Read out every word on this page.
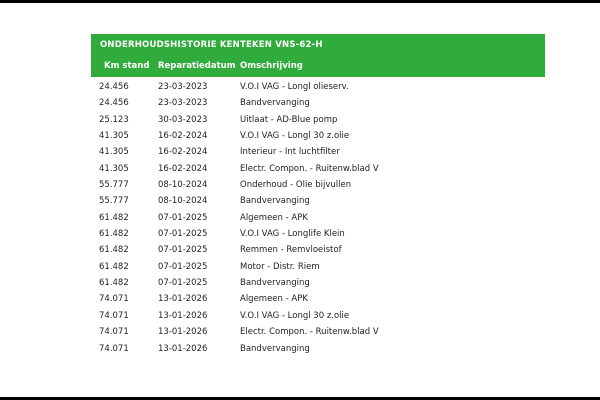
ONDERHOUDSHISTORIE KENTEKEN VNS-62-H
Km stand Reparatiedatum Omschrijving
24.456	23-03-2023	V.O.I VAG - Longl olieserv.
24.456	23-03-2023	Bandvervanging
25.123	30-03-2023	Uitlaat - AD-Blue pomp
41.305	16-02-2024	V.O.I VAG - Longl 30 z.olie
41.305	16-02-2024	Interieur - Int luchtfilter
41.305	16-02-2024	Electr. Compon. - Ruitenw.blad V
55.777	08-10-2024	Onderhoud - Olie bijvullen
55.777	08-10-2024	Bandvervanging
61.482	07-01-2025	Algemeen - APK
61.482	07-01-2025	V.O.I VAG - Longlife Klein
61.482	07-01-2025	Remmen - Remvloeistof
61.482	07-01-2025	Motor - Distr. Riem
61.482	07-01-2025	Bandvervanging
74.071	13-01-2026	Algemeen - APK
74.071	13-01-2026	V.O.I VAG - Longl 30 z.olie
74.071	13-01-2026	Electr. Compon. - Ruitenw.blad V
74.071	13-01-2026	Bandvervanging
